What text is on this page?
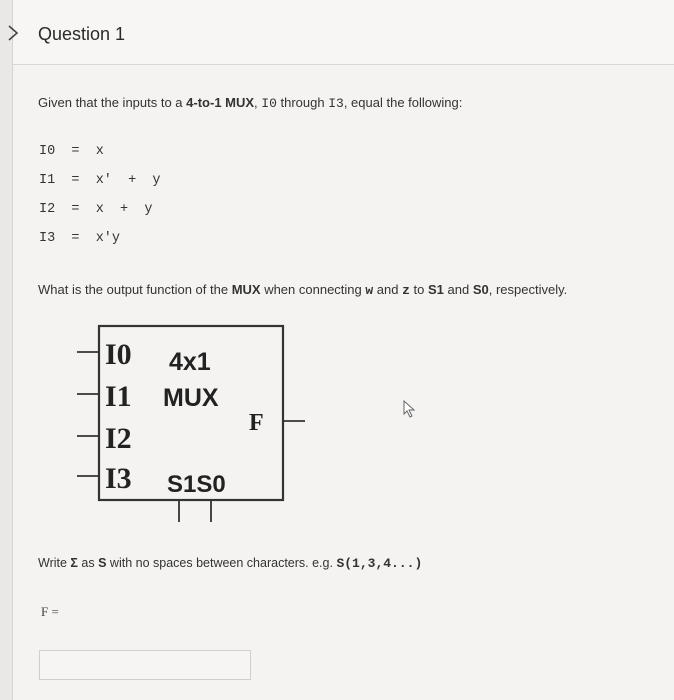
Question 1
Given that the inputs to a 4-to-1 MUX, I0 through I3, equal the following:
I0  =  x
I1  =  x'  +  y
I2  =  x  +  y
I3  =  x'y
What is the output function of the MUX when connecting w and z to S1 and S0, respectively.
I0
I1
I2
I3
4x1
MUX
F
S1S0
Write Σ as S with no spaces between characters. e.g. S(1,3,4...)
F =
